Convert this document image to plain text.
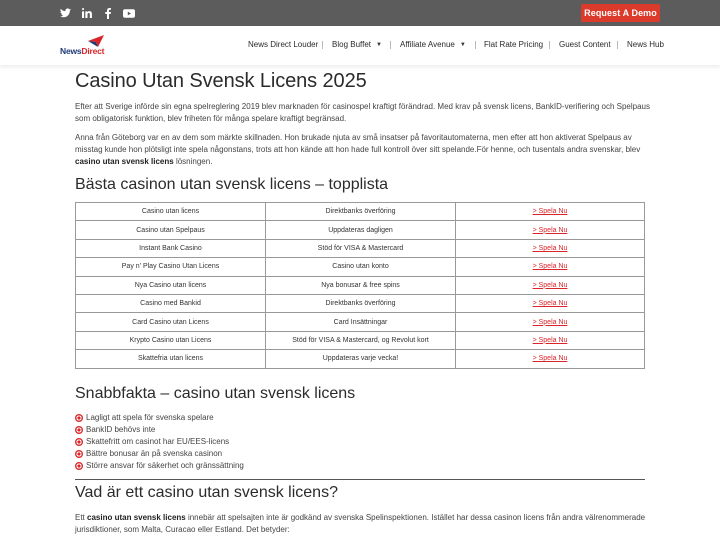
Request A Demo
NewsDirect
News Direct Louder Blog Buffet ▼ Affiliate Avenue ▼ Flat Rate Pricing Guest Content News Hub
Casino Utan Svensk Licens 2025

Efter att Sverige införde sin egna spelreglering 2019 blev marknaden för casinospel kraftigt förändrad. Med krav på svensk licens, BankID-verifiering och Spelpaus som obligatorisk funktion, blev friheten för många spelare kraftigt begränsad.

Anna från Göteborg var en av dem som märkte skillnaden. Hon brukade njuta av små insatser på favoritautomaterna, men efter att hon aktiverat Spelpaus av misstag kunde hon plötsligt inte spela någonstans, trots att hon kände att hon hade full kontroll över sitt spelande.För henne, och tusentals andra svenskar, blev casino utan svensk licens lösningen.

Bästa casinon utan svensk licens – topplista
Casino utan licens	Direktbanks överföring	> Spela Nu
Casino utan Spelpaus	Uppdateras dagligen	> Spela Nu
Instant Bank Casino	Stöd för VISA & Mastercard	> Spela Nu
Pay n' Play Casino Utan Licens	Casino utan konto	> Spela Nu
Nya Casino utan licens	Nya bonusar & free spins	> Spela Nu
Casino med Bankid	Direktbanks överföring	> Spela Nu
Card Casino utan Licens	Card Insättningar	> Spela Nu
Krypto Casino utan Licens	Stöd för VISA & Mastercard, og Revolut kort	> Spela Nu
Skattefria utan licens	Uppdateras varje vecka!	> Spela Nu
Snabbfakta – casino utan svensk licens
Lagligt att spela för svenska spelare
BankID behövs inte
Skattefritt om casinot har EU/EES-licens
Bättre bonusar än på svenska casinon
Större ansvar för säkerhet och gränssättning
Vad är ett casino utan svensk licens?

Ett casino utan svensk licens innebär att spelsajten inte är godkänd av svenska Spelinspektionen. Istället har dessa casinon licens från andra välrenommerade jurisdiktioner, som Malta, Curacao eller Estland. Det betyder:
